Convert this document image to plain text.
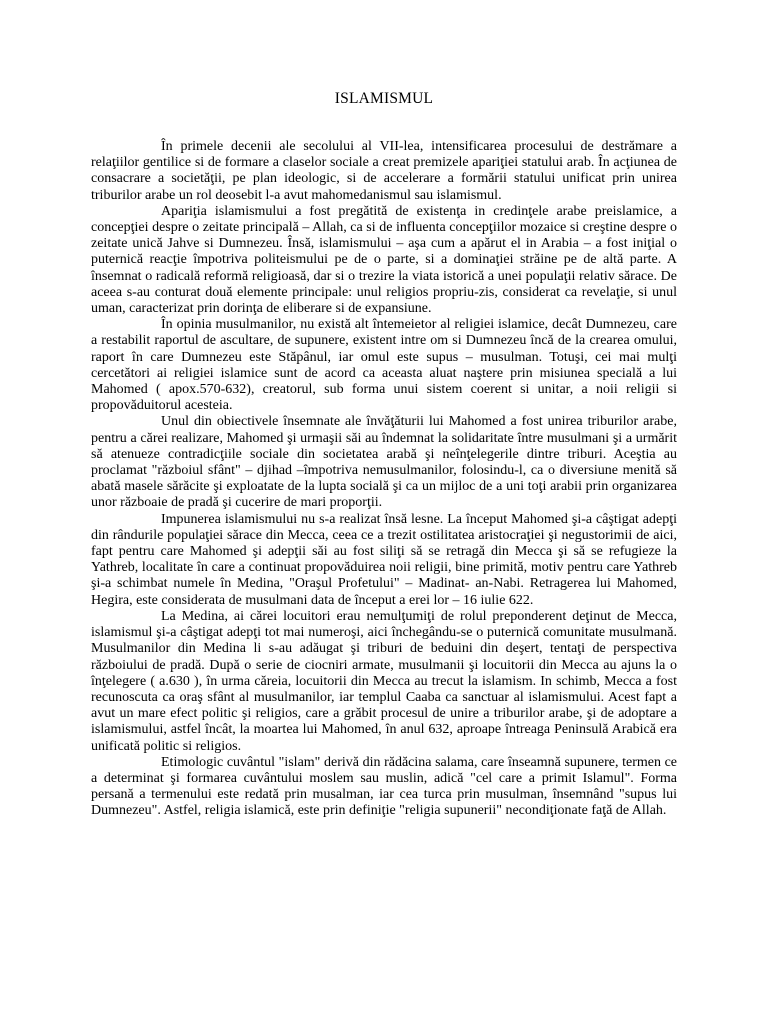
ISLAMISMUL

În primele decenii ale secolului al VII-lea, intensificarea procesului de destrămare a relaţiilor gentilice si de formare a claselor sociale a creat premizele apariţiei statului arab. În acţiunea de consacrare a societăţii, pe plan ideologic, si de accelerare a formării statului unificat prin unirea triburilor arabe un rol deosebit l-a avut mahomedanismul sau islamismul.

Apariţia islamismului a fost pregătită de existenţa in credinţele arabe preislamice, a concepţiei despre o zeitate principală – Allah, ca si de influenta concepţiilor mozaice si creştine despre o zeitate unică Jahve si Dumnezeu. Însă, islamismului – aşa cum a apărut el in Arabia – a fost iniţial o puternică reacţie împotriva politeismului pe de o parte, si a dominaţiei străine pe de altă parte. A însemnat o radicală reformă religioasă, dar si o trezire la viata istorică a unei populaţii relativ sărace. De aceea s-au conturat două elemente principale: unul religios propriu-zis, considerat ca revelaţie, si unul uman, caracterizat prin dorinţa de eliberare si de expansiune.

În opinia musulmanilor, nu există alt întemeietor al religiei islamice, decât Dumnezeu, care a restabilit raportul de ascultare, de supunere, existent intre om si Dumnezeu încă de la crearea omului, raport în care Dumnezeu este Stăpânul, iar omul este supus – musulman. Totuşi, cei mai mulţi cercetători ai religiei islamice sunt de acord ca aceasta aluat naştere prin misiunea specială a lui Mahomed ( apox.570-632), creatorul, sub forma unui sistem coerent si unitar, a noii religii si propovăduitorul acesteia.

Unul din obiectivele însemnate ale învăţăturii lui Mahomed a fost unirea triburilor arabe, pentru a cărei realizare, Mahomed şi urmaşii săi au îndemnat la solidaritate între musulmani şi a urmărit să atenueze contradicţiile sociale din societatea arabă şi neînţelegerile dintre triburi. Aceştia au proclamat "războiul sfânt" – djihad –împotriva nemusulmanilor, folosindu-l, ca o diversiune menită să abată masele sărăcite şi exploatate de la lupta socială şi ca un mijloc de a uni toţi arabii prin organizarea unor războaie de pradă şi cucerire de mari proporţii.

Impunerea islamismului nu s-a realizat însă lesne. La început Mahomed şi-a câştigat adepţi din rândurile populaţiei sărace din Mecca, ceea ce a trezit ostilitatea aristocraţiei şi negustorimii de aici, fapt pentru care Mahomed şi adepţii săi au fost siliţi să se retragă din Mecca şi să se refugieze la Yathreb, localitate în care a continuat propovăduirea noii religii, bine primită, motiv pentru care Yathreb şi-a schimbat numele în Medina, "Oraşul Profetului" – Madinat- an-Nabi. Retragerea lui Mahomed, Hegira, este considerata de musulmani data de început a erei lor – 16 iulie 622.

La Medina, ai cărei locuitori erau nemulţumiţi de rolul preponderent deţinut de Mecca, islamismul şi-a câştigat adepţi tot mai numeroşi, aici închegându-se o puternică comunitate musulmană. Musulmanilor din Medina li s-au adăugat şi triburi de beduini din deşert, tentaţi de perspectiva războiului de pradă. După o serie de ciocniri armate, musulmanii şi locuitorii din Mecca au ajuns la o înţelegere ( a.630 ), în urma căreia, locuitorii din Mecca au trecut la islamism. In schimb, Mecca a fost recunoscuta ca oraş sfânt al musulmanilor, iar templul Caaba ca sanctuar al islamismului. Acest fapt a avut un mare efect politic şi religios, care a grăbit procesul de unire a triburilor arabe, şi de adoptare a islamismului, astfel încât, la moartea lui Mahomed, în anul 632, aproape întreaga Peninsulă Arabică era unificată politic si religios.

Etimologic cuvântul "islam" derivă din rădăcina salama, care înseamnă supunere, termen ce a determinat şi formarea cuvântului moslem sau muslin, adică "cel care a primit Islamul". Forma persană a termenului este redată prin musalman, iar cea turca prin musulman, însemnând "supus lui Dumnezeu". Astfel, religia islamică, este prin definiţie "religia supunerii" necondiţionate faţă de Allah.
